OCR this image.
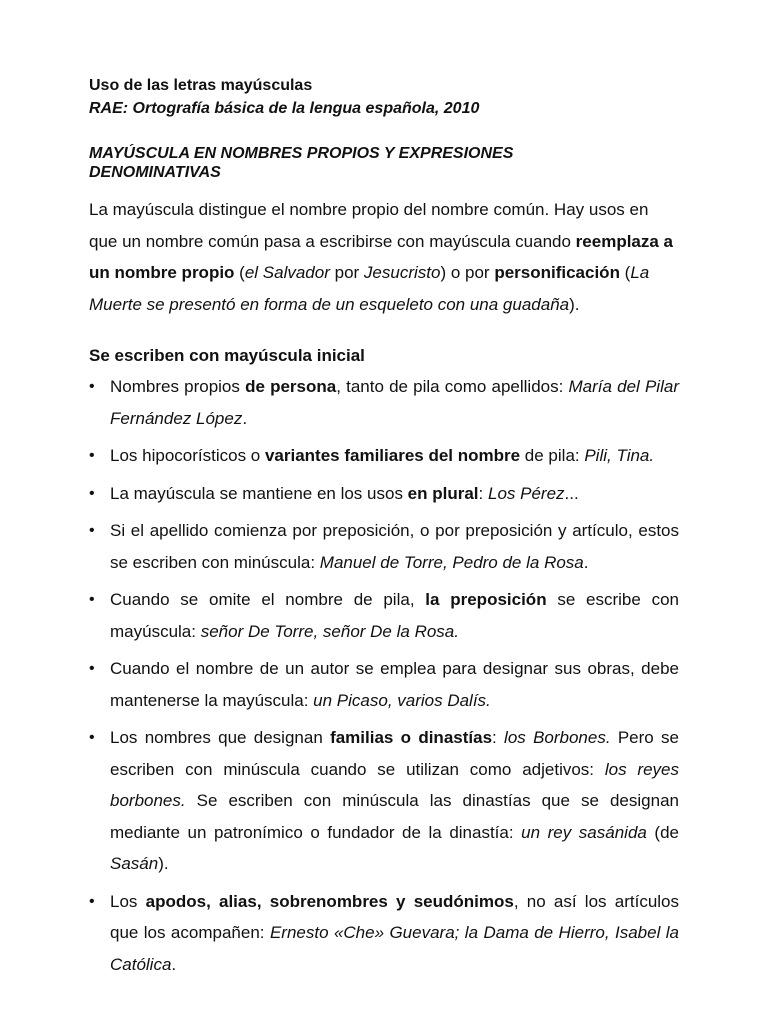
Uso de las letras mayúsculas
RAE: Ortografía básica de la lengua española, 2010
MAYÚSCULA EN NOMBRES PROPIOS Y EXPRESIONES
DENOMINATIVAS

La mayúscula distingue el nombre propio del nombre común. Hay usos en que un nombre común pasa a escribirse con mayúscula cuando reemplaza a un nombre propio (el Salvador por Jesucristo) o por personificación (La Muerte se presentó en forma de un esqueleto con una guadaña).

Se escriben con mayúscula inicial
• Nombres propios de persona, tanto de pila como apellidos: María del Pilar Fernández López.
• Los hipocorísticos o variantes familiares del nombre de pila: Pili, Tina.
• La mayúscula se mantiene en los usos en plural: Los Pérez...
• Si el apellido comienza por preposición, o por preposición y artículo, estos se escriben con minúscula: Manuel de Torre, Pedro de la Rosa.
• Cuando se omite el nombre de pila, la preposición se escribe con mayúscula: señor De Torre, señor De la Rosa.
• Cuando el nombre de un autor se emplea para designar sus obras, debe mantenerse la mayúscula: un Picaso, varios Dalís.
• Los nombres que designan familias o dinastías: los Borbones. Pero se escriben con minúscula cuando se utilizan como adjetivos: los reyes borbones. Se escriben con minúscula las dinastías que se designan mediante un patronímico o fundador de la dinastía: un rey sasánida (de Sasán).
• Los apodos, alias, sobrenombres y seudónimos, no así los artículos que los acompañen: Ernesto «Che» Guevara; la Dama de Hierro, Isabel la Católica.
